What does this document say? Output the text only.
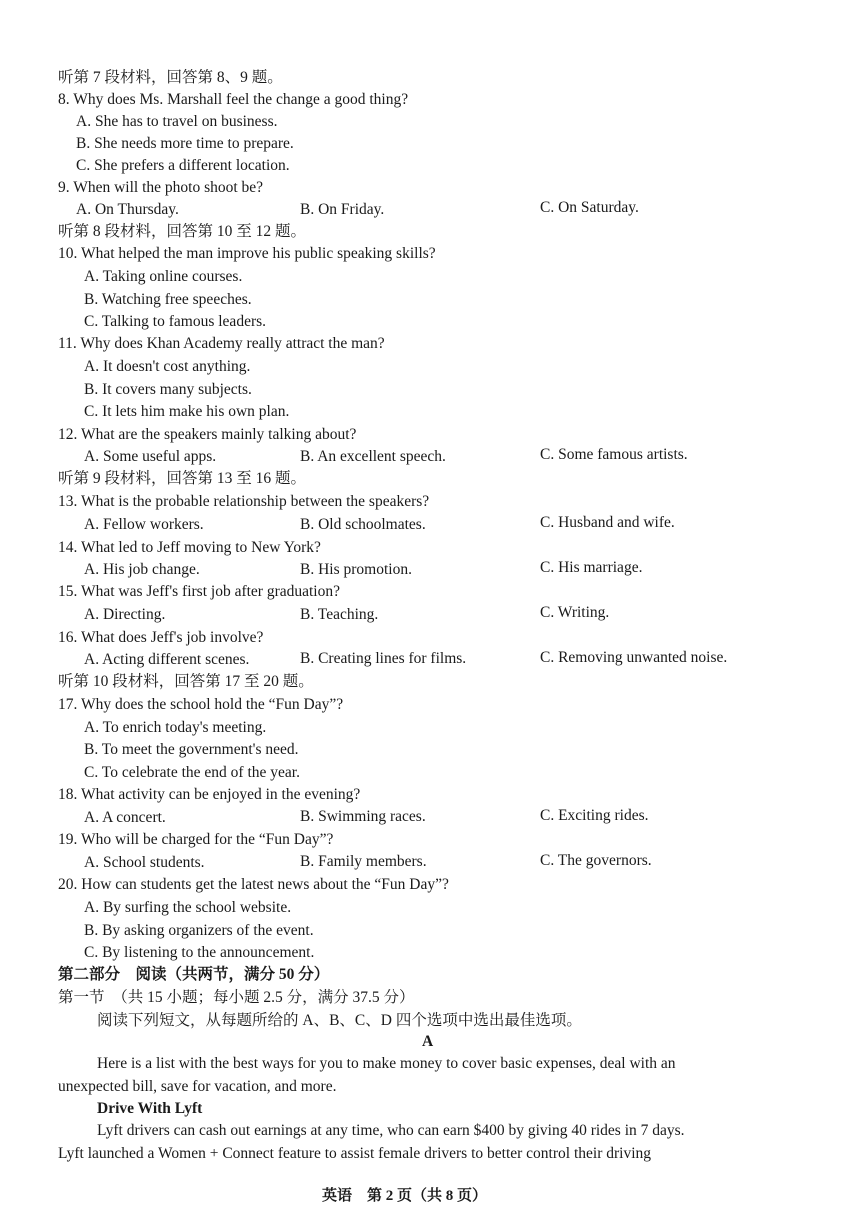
听第 7 段材料，回答第 8、9 题。
8. Why does Ms. Marshall feel the change a good thing?
A. She has to travel on business.
B. She needs more time to prepare.
C. She prefers a different location.
9. When will the photo shoot be?
A. On Thursday.	B. On Friday.	C. On Saturday.
听第 8 段材料，回答第 10 至 12 题。
10. What helped the man improve his public speaking skills?
A. Taking online courses.
B. Watching free speeches.
C. Talking to famous leaders.
11. Why does Khan Academy really attract the man?
A. It doesn't cost anything.
B. It covers many subjects.
C. It lets him make his own plan.
12. What are the speakers mainly talking about?
A. Some useful apps.	B. An excellent speech.	C. Some famous artists.
听第 9 段材料，回答第 13 至 16 题。
13. What is the probable relationship between the speakers?
A. Fellow workers.	B. Old schoolmates.	C. Husband and wife.
14. What led to Jeff moving to New York?
A. His job change.	B. His promotion.	C. His marriage.
15. What was Jeff's first job after graduation?
A. Directing.	B. Teaching.	C. Writing.
16. What does Jeff's job involve?
A. Acting different scenes.	B. Creating lines for films.	C. Removing unwanted noise.
听第 10 段材料，回答第 17 至 20 题。
17. Why does the school hold the “Fun Day”?
A. To enrich today's meeting.
B. To meet the government's need.
C. To celebrate the end of the year.
18. What activity can be enjoyed in the evening?
A. A concert.	B. Swimming races.	C. Exciting rides.
19. Who will be charged for the “Fun Day”?
A. School students.	B. Family members.	C. The governors.
20. How can students get the latest news about the “Fun Day”?
A. By surfing the school website.
B. By asking organizers of the event.
C. By listening to the announcement.
第二部分　阅读（共两节，满分 50 分）
第一节　（共 15 小题；每小题 2.5 分，满分 37.5 分）
阅读下列短文，从每题所给的 A、B、C、D 四个选项中选出最佳选项。
A
Here is a list with the best ways for you to make money to cover basic expenses, deal with an
unexpected bill, save for vacation, and more.
Drive With Lyft
Lyft drivers can cash out earnings at any time, who can earn $400 by giving 40 rides in 7 days.
Lyft launched a Women + Connect feature to assist female drivers to better control their driving
英语　第 2 页（共 8 页）
